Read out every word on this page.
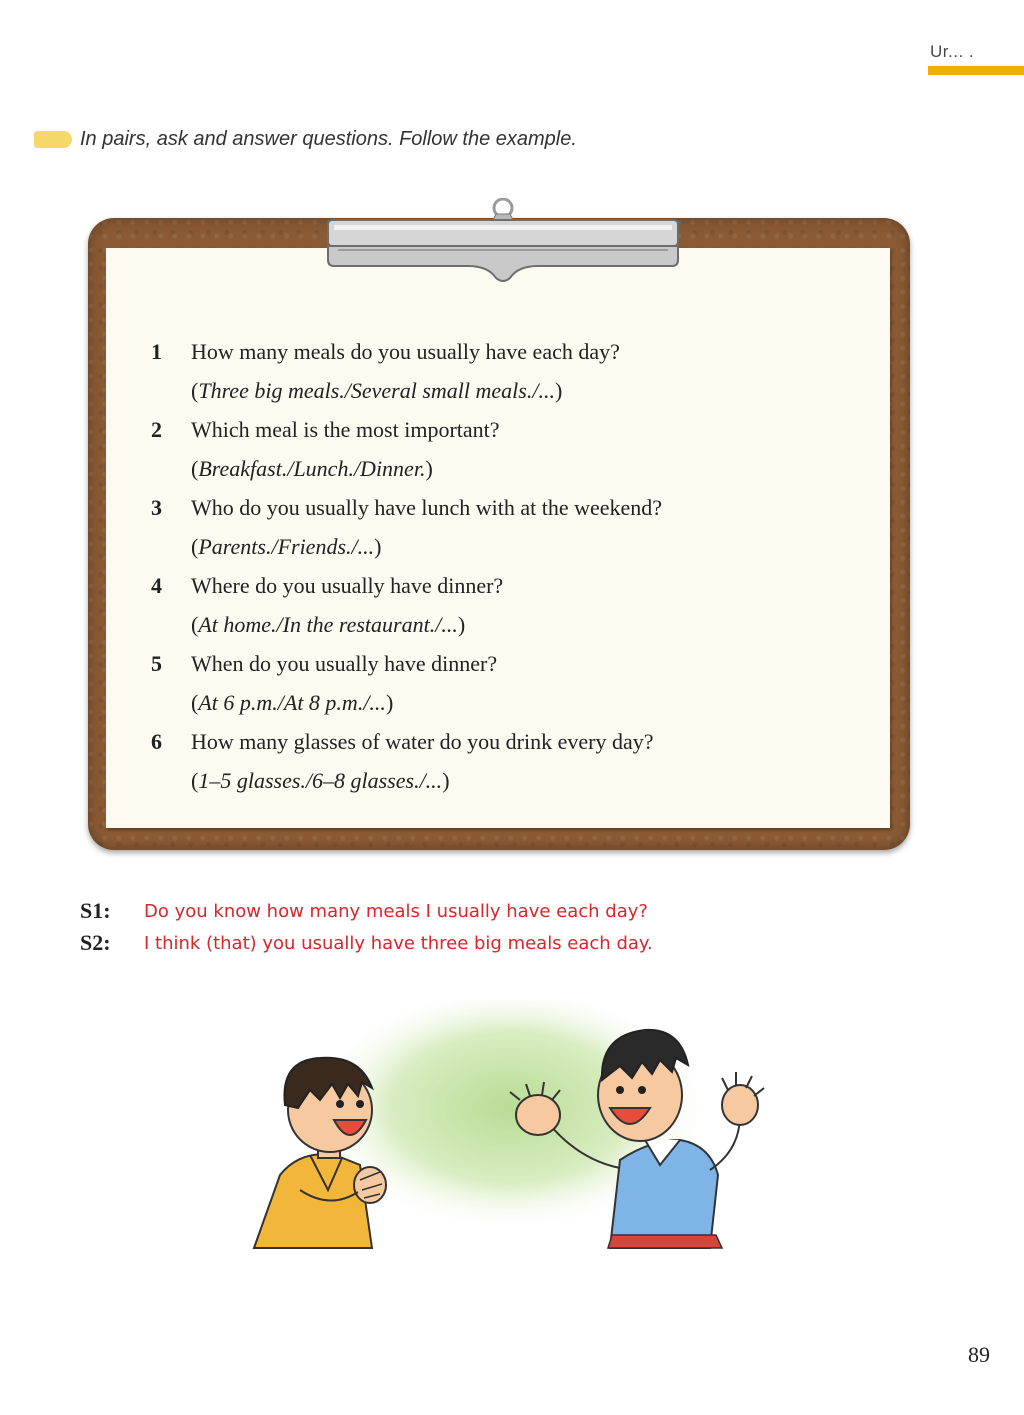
Ur... .
In pairs, ask and answer questions. Follow the example.
1	How many meals do you usually have each day?
(Three big meals./Several small meals./...)
2	Which meal is the most important?
(Breakfast./Lunch./Dinner.)
3	Who do you usually have lunch with at the weekend?
(Parents./Friends./...)
4	Where do you usually have dinner?
(At home./In the restaurant./...)
5	When do you usually have dinner?
(At 6 p.m./At 8 p.m./...)
6	How many glasses of water do you drink every day?
(1–5 glasses./6–8 glasses./...)
S1:	Do you know how many meals I usually have each day?
S2:	I think (that) you usually have three big meals each day.
89
